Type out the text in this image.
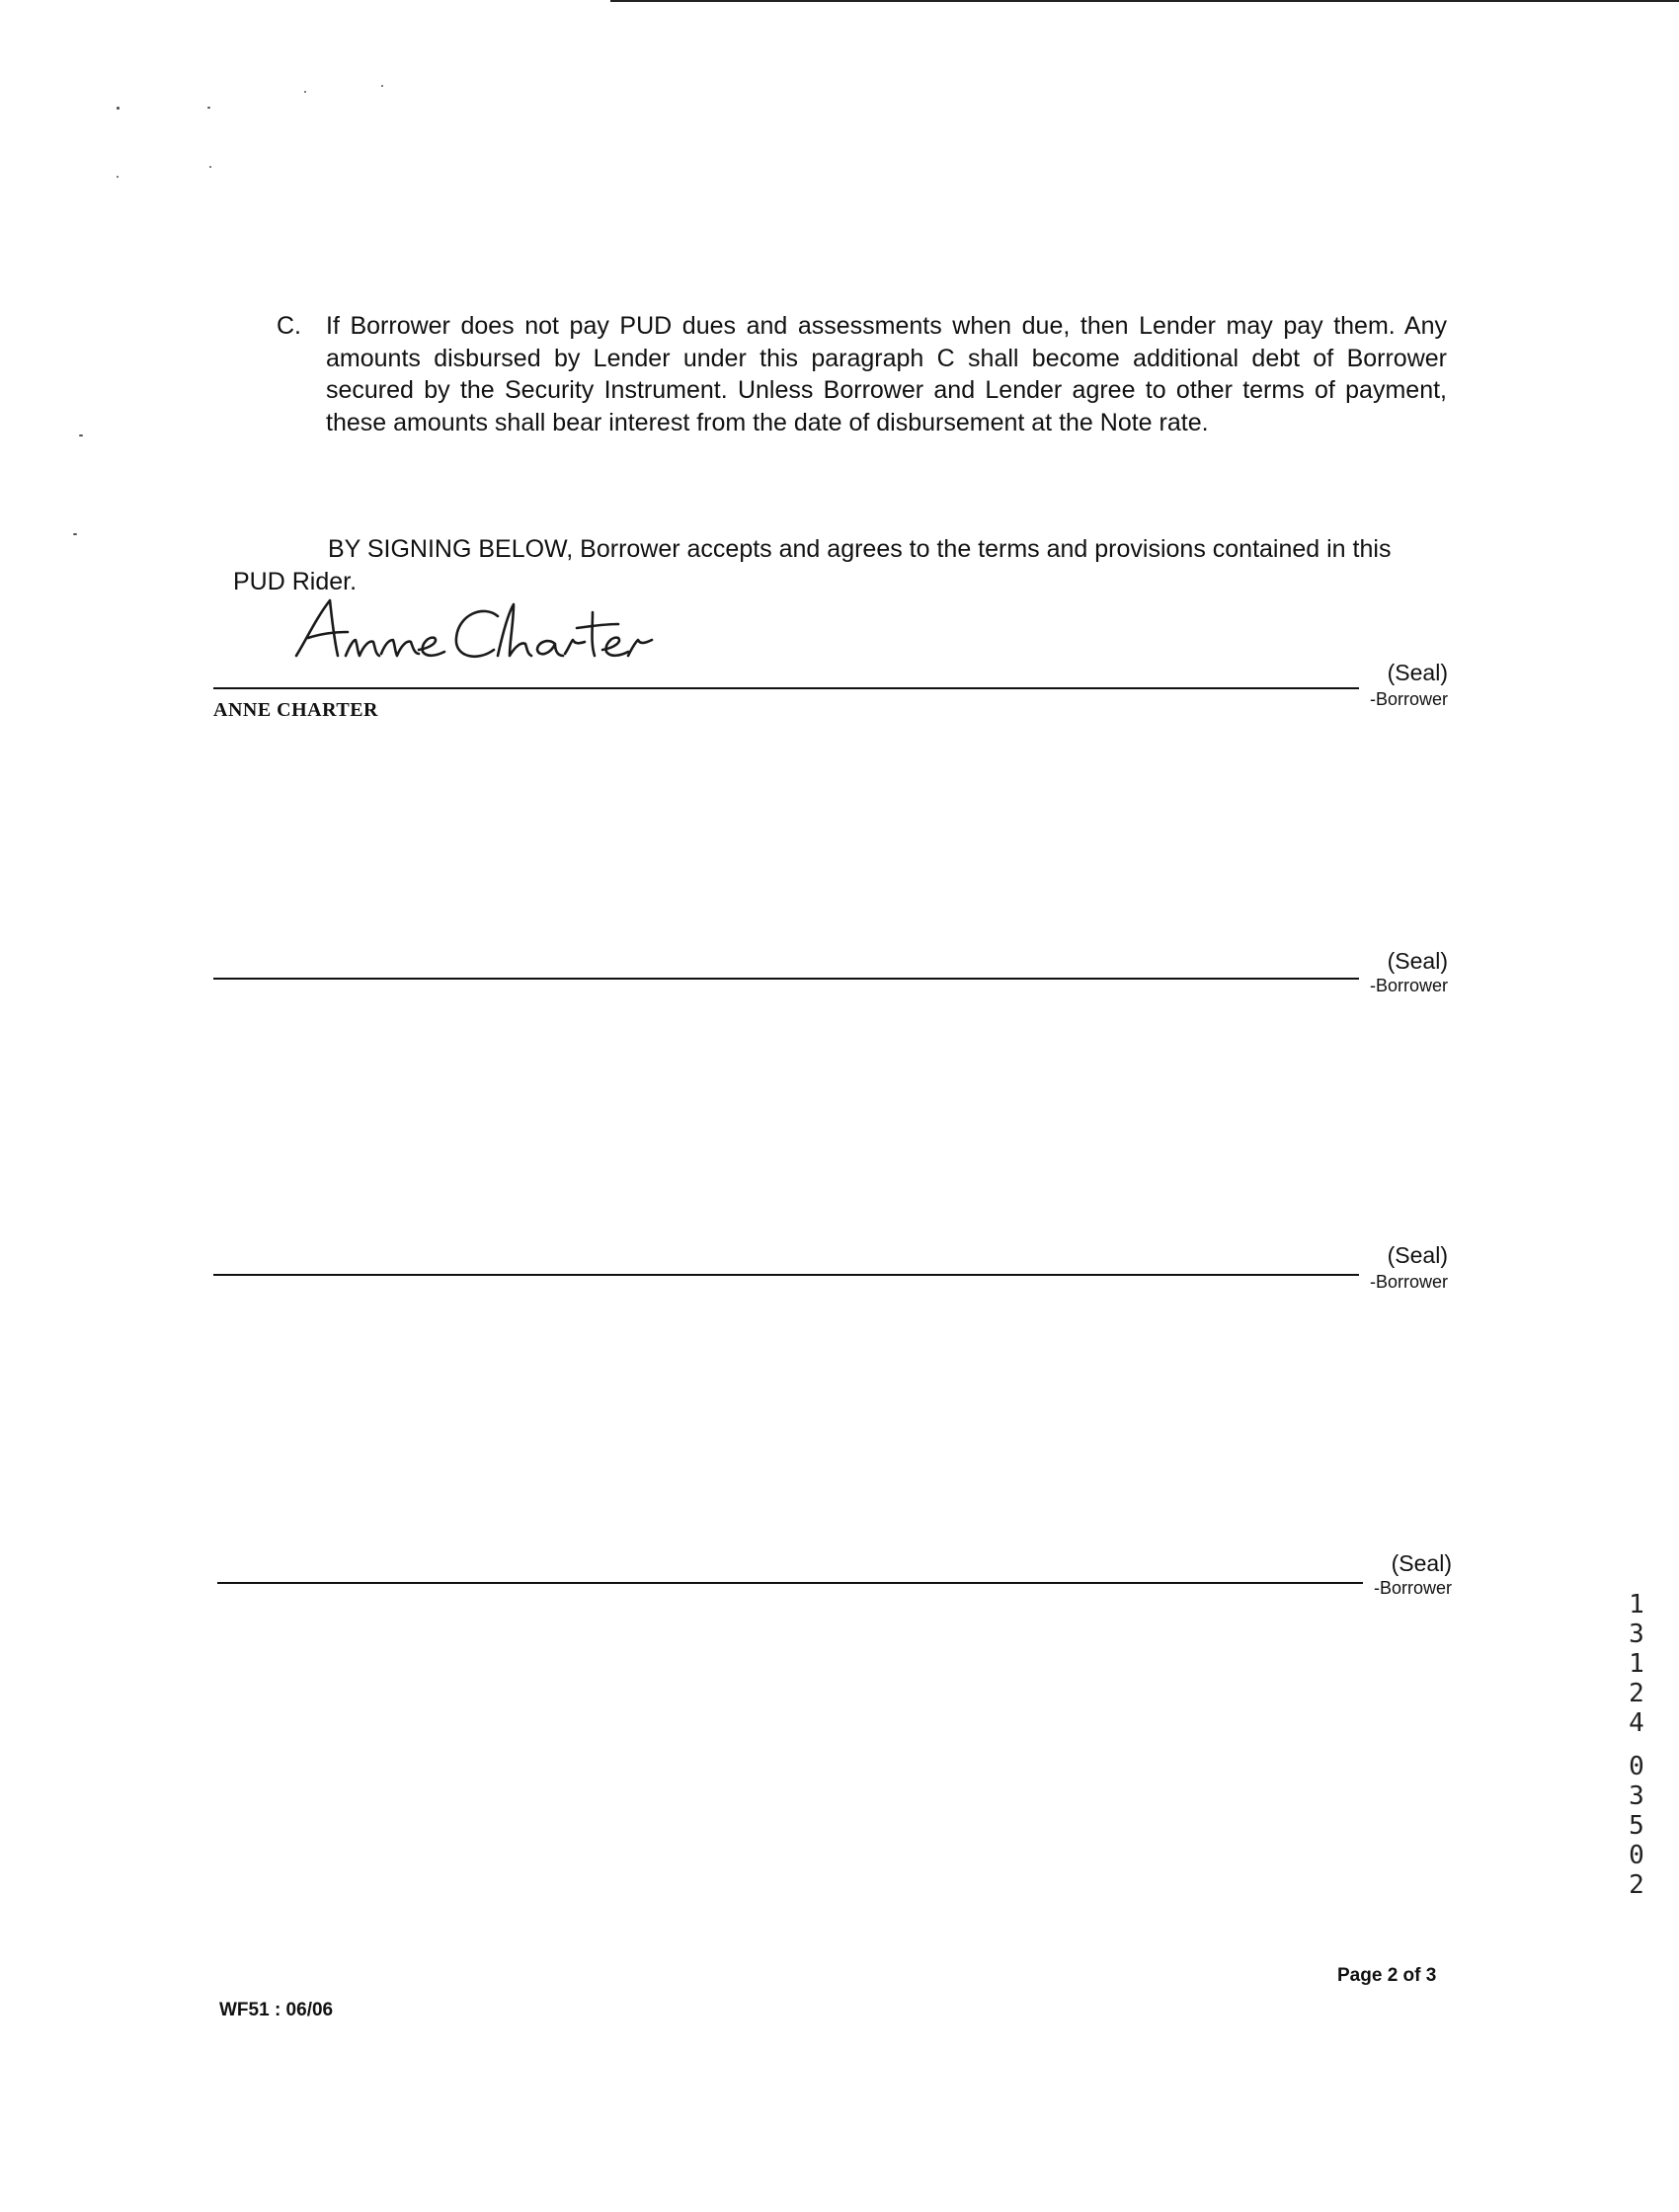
C. If Borrower does not pay PUD dues and assessments when due, then Lender may pay them. Any amounts disbursed by Lender under this paragraph C shall become additional debt of Borrower secured by the Security Instrument. Unless Borrower and Lender agree to other terms of payment, these amounts shall bear interest from the date of disbursement at the Note rate.
BY SIGNING BELOW, Borrower accepts and agrees to the terms and provisions contained in this PUD Rider.
(Seal)
-Borrower
ANNE CHARTER
(Seal)
-Borrower
(Seal)
-Borrower
(Seal)
-Borrower
1
3
1
2
4
0
3
5
0
2
Page 2 of 3
WF51 : 06/06
